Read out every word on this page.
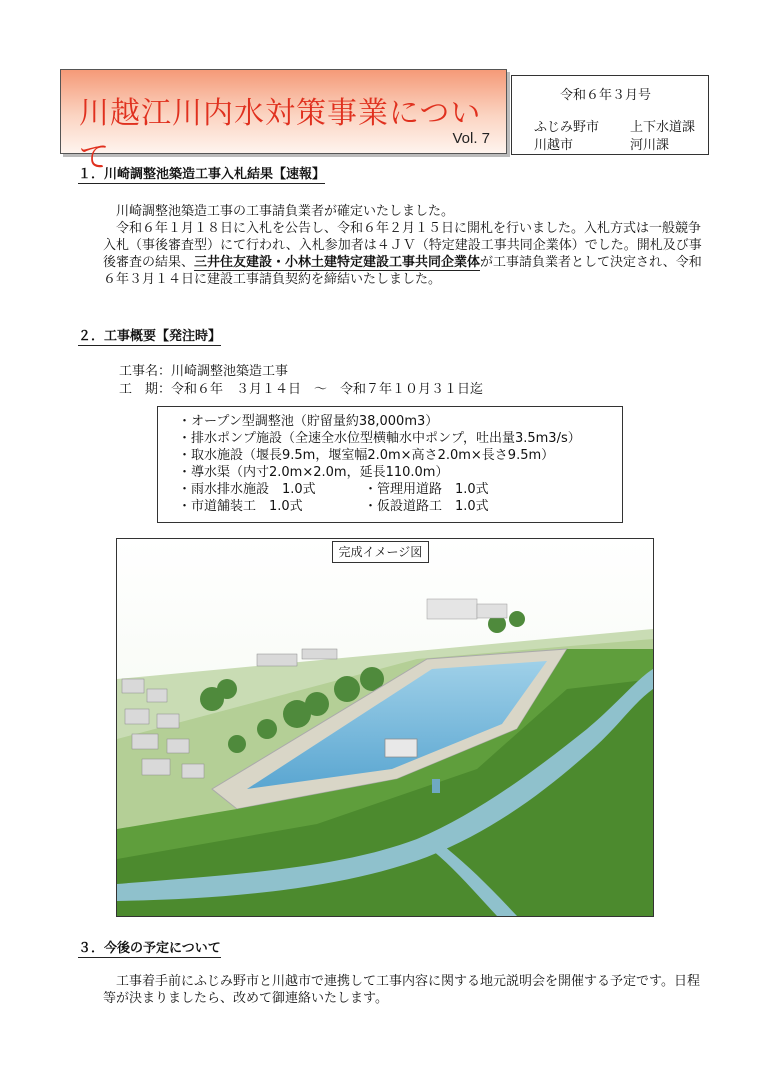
川越江川内水対策事業について
Vol. 7
令和６年３月号
ふじみ野市 上下水道課
川越市	河川課
１．川崎調整池築造工事入札結果【速報】

川崎調整池築造工事の工事請負業者が確定いたしました。

令和６年１月１８日に入札を公告し、令和６年２月１５日に開札を行いました。入札方式は一般競争入札（事後審査型）にて行われ、入札参加者は４ＪＶ（特定建設工事共同企業体）でした。開札及び事後審査の結果、三井住友建設・小林土建特定建設工事共同企業体が工事請負業者として決定され、令和６年３月１４日に建設工事請負契約を締結いたしました。

２．工事概要【発注時】
工事名：川崎調整池築造工事
工　期：令和６年　３月１４日　～　令和７年１０月３１日迄
・オープン型調整池（貯留量約38,000m3）
・排水ポンプ施設（全速全水位型横軸水中ポンプ，吐出量3.5m3/s）
・取水施設（堰長9.5m，堰室幅2.0m×高さ2.0m×長さ9.5m）
・導水渠（内寸2.0m×2.0m，延長110.0m）
・雨水排水施設　1.0式	・管理用道路　1.0式
・市道舗装工　1.0式	・仮設道路工　1.0式
完成イメージ図
３．今後の予定について

工事着手前にふじみ野市と川越市で連携して工事内容に関する地元説明会を開催する予定です。日程等が決まりましたら、改めて御連絡いたします。
